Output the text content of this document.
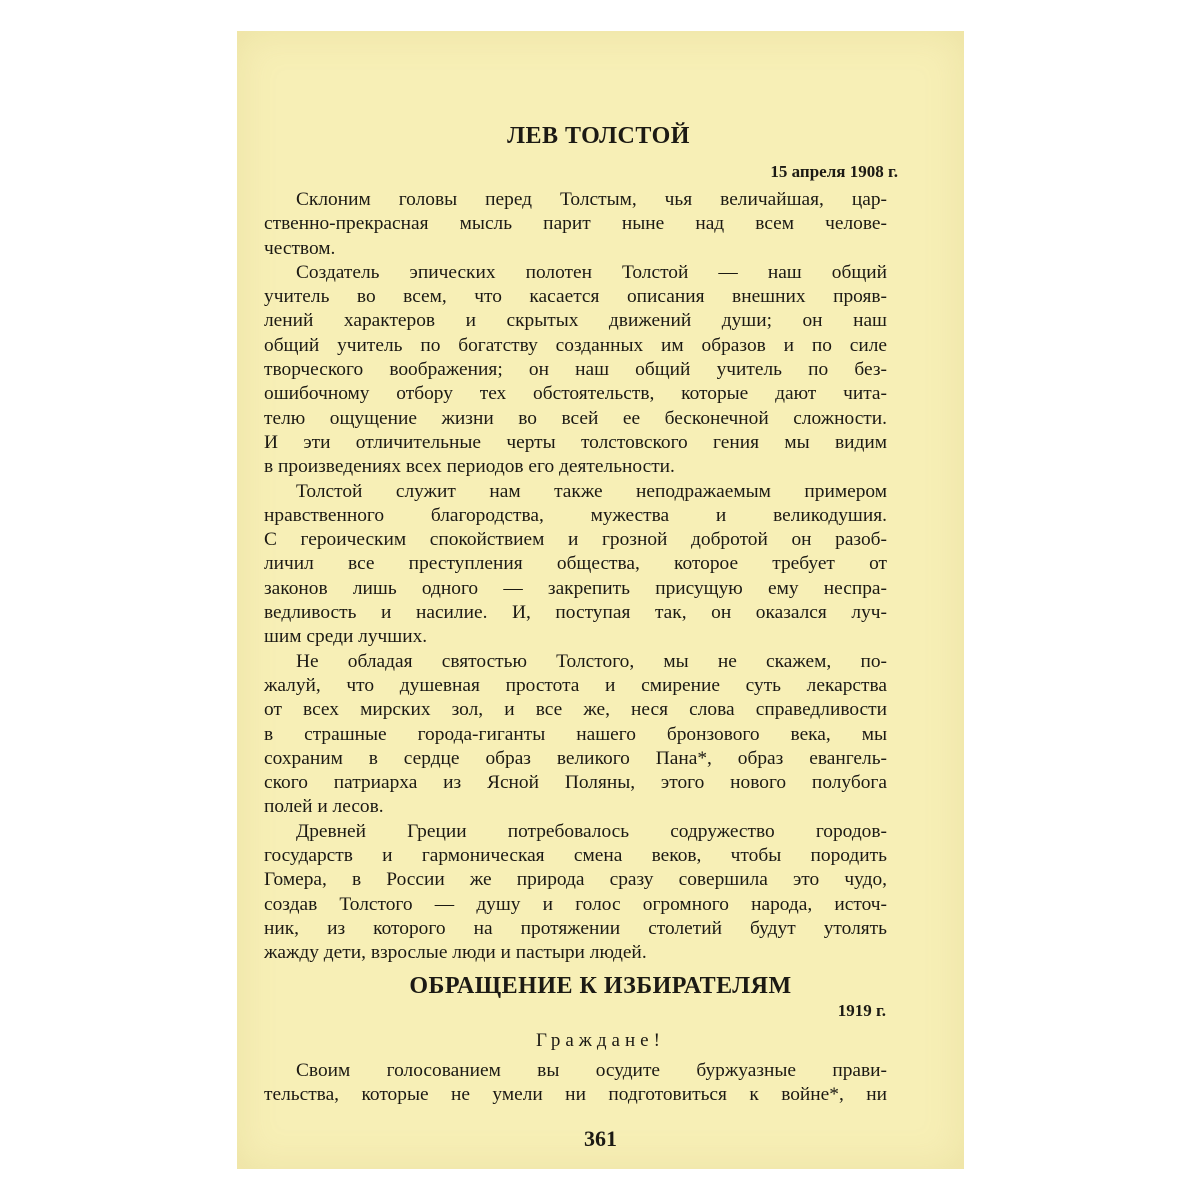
ЛЕВ ТОЛСТОЙ
15 апреля 1908 г.
Склоним головы перед Толстым, чья величайшая, цар-
ственно-прекрасная мысль парит ныне над всем челове-
чеством.
Создатель эпических полотен Толстой — наш общий
учитель во всем, что касается описания внешних прояв-
лений характеров и скрытых движений души; он наш
общий учитель по богатству созданных им образов и по силе
творческого воображения; он наш общий учитель по без-
ошибочному отбору тех обстоятельств, которые дают чита-
телю ощущение жизни во всей ее бесконечной сложности.
И эти отличительные черты толстовского гения мы видим
в произведениях всех периодов его деятельности.
Толстой служит нам также неподражаемым примером
нравственного благородства, мужества и великодушия.
С героическим спокойствием и грозной добротой он разоб-
личил все преступления общества, которое требует от
законов лишь одного — закрепить присущую ему неспра-
ведливость и насилие. И, поступая так, он оказался луч-
шим среди лучших.
Не обладая святостью Толстого, мы не скажем, по-
жалуй, что душевная простота и смирение суть лекарства
от всех мирских зол, и все же, неся слова справедливости
в страшные города-гиганты нашего бронзового века, мы
сохраним в сердце образ великого Пана*, образ евангель-
ского патриарха из Ясной Поляны, этого нового полубога
полей и лесов.
Древней Греции потребовалось содружество городов-
государств и гармоническая смена веков, чтобы породить
Гомера, в России же природа сразу совершила это чудо,
создав Толстого — душу и голос огромного народа, источ-
ник, из которого на протяжении столетий будут утолять
жажду дети, взрослые люди и пастыри людей.
ОБРАЩЕНИЕ К ИЗБИРАТЕЛЯМ
1919 г.
Граждане!
Своим голосованием вы осудите буржуазные прави-
тельства, которые не умели ни подготовиться к войне*, ни
361
